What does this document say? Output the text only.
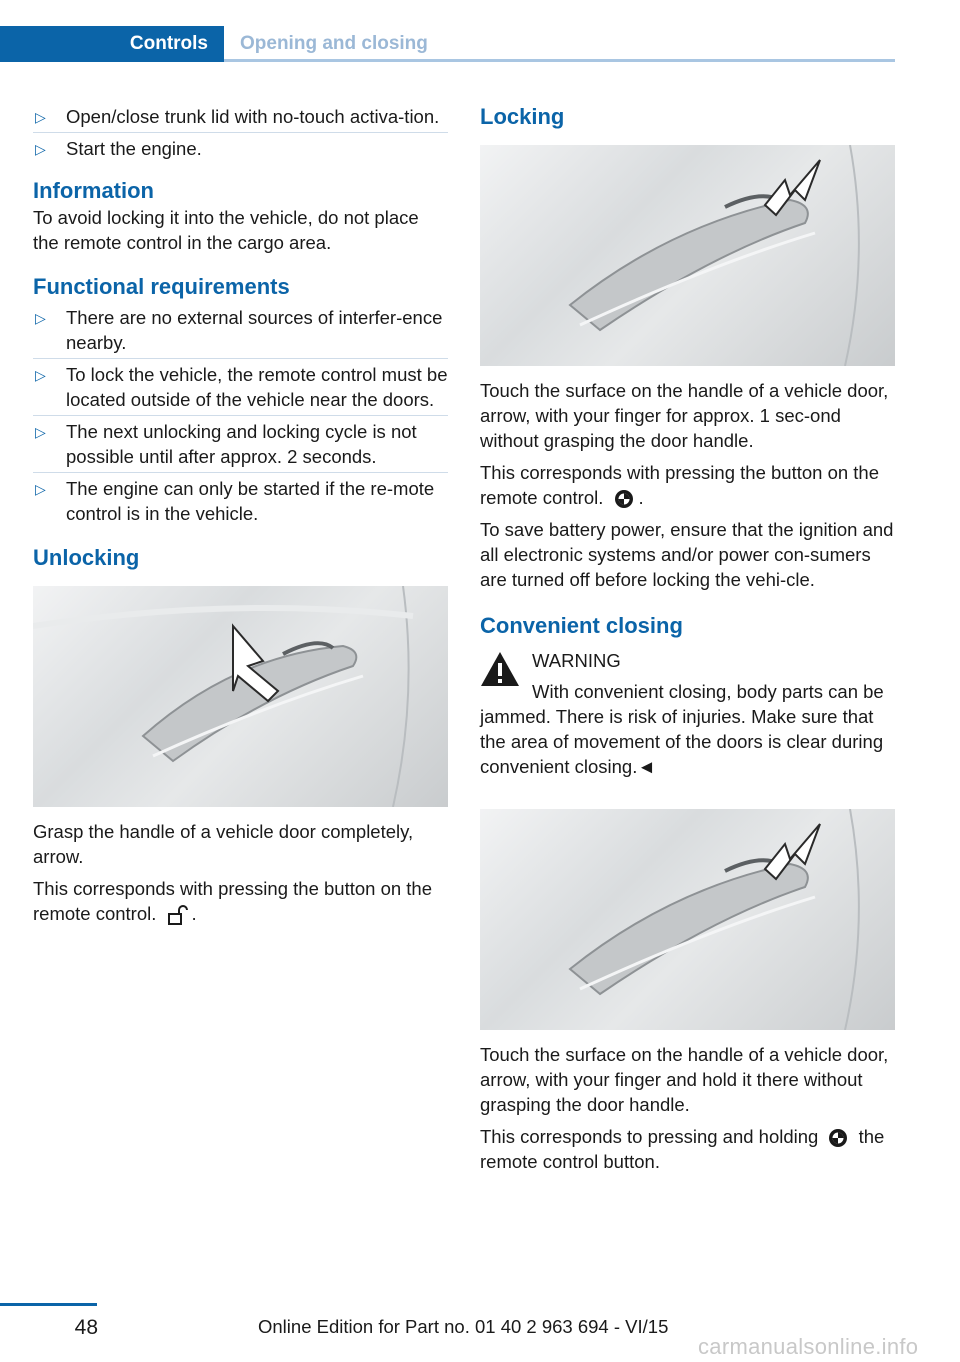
Controls	Opening and closing
▷ Open/close trunk lid with no-touch activa-tion.
▷ Start the engine.
Information

To avoid locking it into the vehicle, do not place the remote control in the cargo area.

Functional requirements
▷ There are no external sources of interfer-ence nearby.
▷ To lock the vehicle, the remote control must be located outside of the vehicle near the doors.
▷ The next unlocking and locking cycle is not possible until after approx. 2 seconds.
▷ The engine can only be started if the re-mote control is in the vehicle.
Unlocking

Grasp the handle of a vehicle door completely, arrow.

This corresponds with pressing the button on the remote control. .

Locking

Touch the surface on the handle of a vehicle door, arrow, with your finger for approx. 1 sec-ond without grasping the door handle.

This corresponds with pressing the button on the remote control. .

To save battery power, ensure that the ignition and all electronic systems and/or power con-sumers are turned off before locking the vehi-cle.

Convenient closing
WARNING

With convenient closing, body parts can be jammed. There is risk of injuries. Make sure that the area of movement of the doors is clear during convenient closing.◄

Touch the surface on the handle of a vehicle door, arrow, with your finger and hold it there without grasping the door handle.

This corresponds to pressing and holding the remote control button.

48	Online Edition for Part no. 01 40 2 963 694 - VI/15
carmanualsonline.info
